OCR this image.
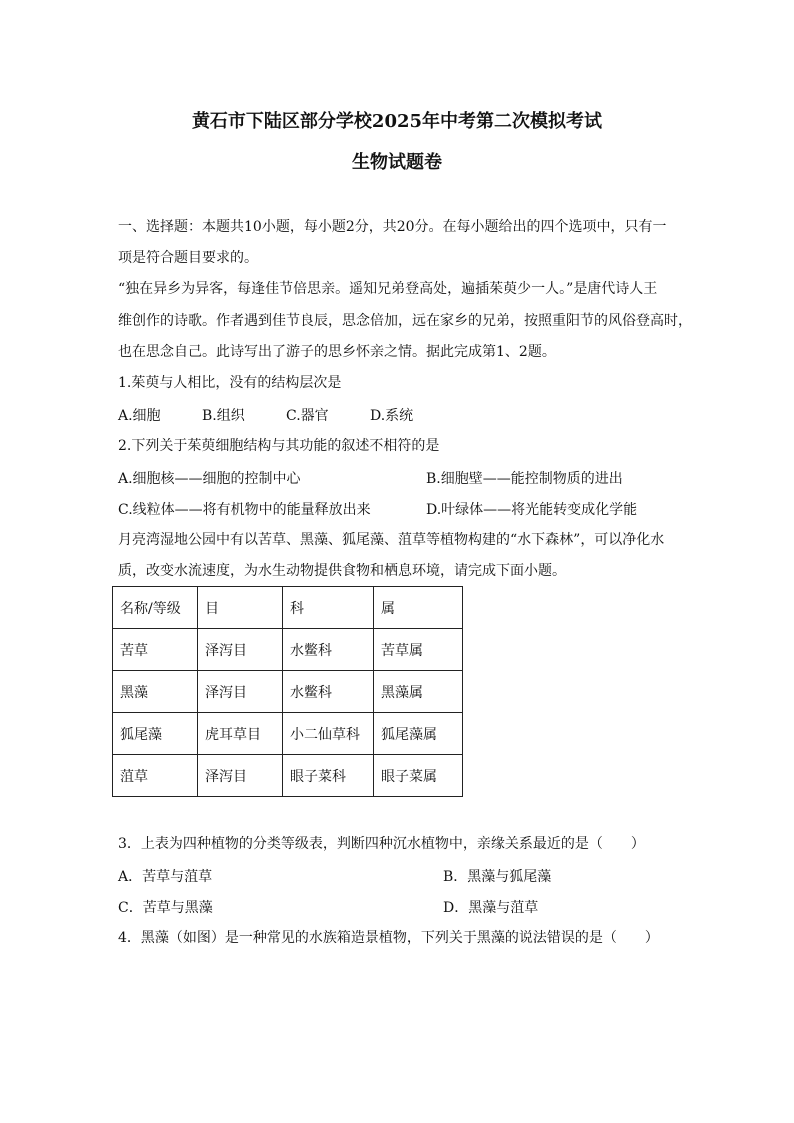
黄石市下陆区部分学校2025年中考第二次模拟考试
生物试题卷
一、选择题：本题共10小题，每小题2分，共20分。在每小题给出的四个选项中，只有一
项是符合题目要求的。
“独在异乡为异客，每逢佳节倍思亲。遥知兄弟登高处，遍插茱萸少一人。”是唐代诗人王
维创作的诗歌。作者遇到佳节良辰，思念倍加，远在家乡的兄弟，按照重阳节的风俗登高时，
也在思念自己。此诗写出了游子的思乡怀亲之情。据此完成第1、2题。
1.茱萸与人相比，没有的结构层次是
A.细胞	B.组织	C.器官	D.系统
2.下列关于茱萸细胞结构与其功能的叙述不相符的是
A.细胞核——细胞的控制中心	B.细胞壁——能控制物质的进出
C.线粒体——将有机物中的能量释放出来	D.叶绿体——将光能转变成化学能
月亮湾湿地公园中有以苦草、黑藻、狐尾藻、菹草等植物构建的“水下森林”，可以净化水
质，改变水流速度，为水生动物提供食物和栖息环境，请完成下面小题。
名称/等级	目	科	属
苦草	泽泻目	水鳖科	苦草属
黑藻	泽泻目	水鳖科	黑藻属
狐尾藻	虎耳草目	小二仙草科	狐尾藻属
菹草	泽泻目	眼子菜科	眼子菜属
3．上表为四种植物的分类等级表，判断四种沉水植物中，亲缘关系最近的是（　　）
A．苦草与菹草	B．黑藻与狐尾藻
C．苦草与黑藻	D．黑藻与菹草
4．黑藻（如图）是一种常见的水族箱造景植物，下列关于黑藻的说法错误的是（　　）
